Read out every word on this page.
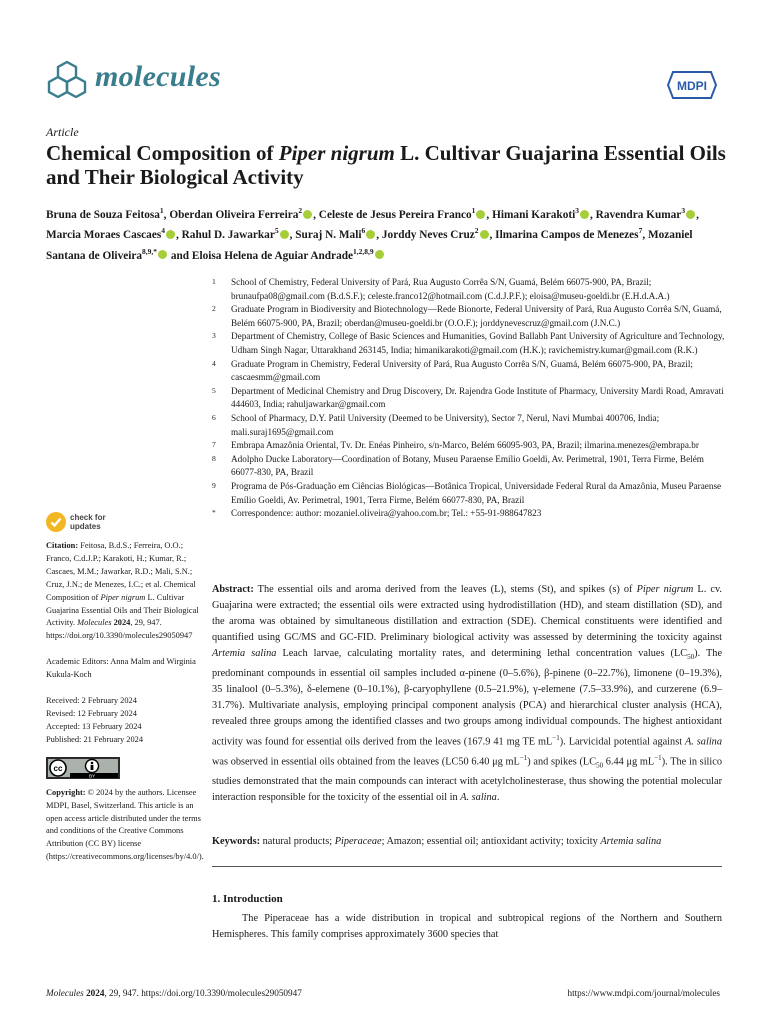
molecules	MDPI
Article
Chemical Composition of Piper nigrum L. Cultivar Guajarina Essential Oils and Their Biological Activity
Bruna de Souza Feitosa$^1$, Oberdan Oliveira Ferreira$^2$ , Celeste de Jesus Pereira Franco$^1$ , Himani Karakoti$^3$ , Ravendra Kumar$^3$ , Marcia Moraes Cascaes$^4$ , Rahul D. Jawarkar$^5$ , Suraj N. Mali$^6$ , Jorddy Neves Cruz$^2$ , Ilmarina Campos de Menezes$^7$, Mozaniel Santana de Oliveira$^{8,9,*}$ and Eloisa Helena de Aguiar Andrade$^{1,2,8,9}$
1	School of Chemistry, Federal University of Pará, Rua Augusto Corrêa S/N, Guamá, Belém 66075-900, PA, Brazil; brunaufpa08@gmail.com (B.d.S.F.); celeste.franco12@hotmail.com (C.d.J.P.F.); eloisa@museu-goeldi.br (E.H.d.A.A.)
2	Graduate Program in Biodiversity and Biotechnology—Rede Bionorte, Federal University of Pará, Rua Augusto Corrêa S/N, Guamá, Belém 66075-900, PA, Brazil; oberdan@museu-goeldi.br (O.O.F.); jorddynevescruz@gmail.com (J.N.C.)
3	Department of Chemistry, College of Basic Sciences and Humanities, Govind Ballabh Pant University of Agriculture and Technology, Udham Singh Nagar, Uttarakhand 263145, India; himanikarakoti@gmail.com (H.K.); ravichemistry.kumar@gmail.com (R.K.)
4	Graduate Program in Chemistry, Federal University of Pará, Rua Augusto Corrêa S/N, Guamá, Belém 66075-900, PA, Brazil; cascaesmm@gmail.com
5	Department of Medicinal Chemistry and Drug Discovery, Dr. Rajendra Gode Institute of Pharmacy, University Mardi Road, Amravati 444603, India; rahuljawarkar@gmail.com
6	School of Pharmacy, D.Y. Patil University (Deemed to be University), Sector 7, Nerul, Navi Mumbai 400706, India; mali.suraj1695@gmail.com
7	Embrapa Amazônia Oriental, Tv. Dr. Enéas Pinheiro, s/n-Marco, Belém 66095-903, PA, Brazil; ilmarina.menezes@embrapa.br
8	Adolpho Ducke Laboratory—Coordination of Botany, Museu Paraense Emílio Goeldi, Av. Perimetral, 1901, Terra Firme, Belém 66077-830, PA, Brazil
9	Programa de Pós-Graduação em Ciências Biológicas—Botânica Tropical, Universidade Federal Rural da Amazônia, Museu Paraense Emílio Goeldi, Av. Perimetral, 1901, Terra Firme, Belém 66077-830, PA, Brazil
*	Correspondence: author: mozaniel.oliveira@yahoo.com.br; Tel.: +55-91-988647823
check for
updates

Citation: Feitosa, B.d.S.; Ferreira, O.O.; Franco, C.d.J.P.; Karakoti, H.; Kumar, R.; Cascaes, M.M.; Jawarkar, R.D.; Mali, S.N.; Cruz, J.N.; de Menezes, I.C.; et al. Chemical Composition of Piper nigrum L. Cultivar Guajarina Essential Oils and Their Biological Activity. Molecules 2024, 29, 947. https://doi.org/10.3390/molecules29050947

Academic Editors: Anna Malm and Wirginia Kukula-Koch

Received: 2 February 2024
Revised: 12 February 2024
Accepted: 13 February 2024
Published: 21 February 2024

cc
BY

Copyright: © 2024 by the authors. Licensee MDPI, Basel, Switzerland. This article is an open access article distributed under the terms and conditions of the Creative Commons Attribution (CC BY) license (https://creativecommons.org/licenses/by/4.0/).

Abstract: The essential oils and aroma derived from the leaves (L), stems (St), and spikes (s) of Piper nigrum L. cv. Guajarina were extracted; the essential oils were extracted using hydrodistillation (HD), and steam distillation (SD), and the aroma was obtained by simultaneous distillation and extraction (SDE). Chemical constituents were identified and quantified using GC/MS and GC-FID. Preliminary biological activity was assessed by determining the toxicity against Artemia salina Leach larvae, calculating mortality rates, and determining lethal concentration values $(LC_{50})$. The predominant compounds in essential oil samples included α-pinene (0–5.6%), β-pinene (0–22.7%), limonene (0–19.3%), 35 linalool (0–5.3%), δ-elemene (0–10.1%), β-caryophyllene (0.5–21.9%), γ-elemene (7.5–33.9%), and curzerene (6.9–31.7%). Multivariate analysis, employing principal component analysis (PCA) and hierarchical cluster analysis (HCA), revealed three groups among the identified classes and two groups among individual compounds. The highest antioxidant activity was found for essential oils derived from the leaves (167.9 41 mg TE $mL^{-1}$). Larvicidal potential against A. salina was observed in essential oils obtained from the leaves (LC50 6.40 μg $mL^{-1}$) and spikes ($LC_{50}$ 6.44 μg $mL^{-1}$). The in silico studies demonstrated that the main compounds can interact with acetylcholinesterase, thus showing the potential molecular interaction responsible for the toxicity of the essential oil in A. salina.
Keywords: natural products; Piperaceae; Amazon; essential oil; antioxidant activity; toxicity Artemia salina
1. Introduction
The Piperaceae has a wide distribution in tropical and subtropical regions of the Northern and Southern Hemispheres. This family comprises approximately 3600 species that
Molecules 2024, 29, 947. https://doi.org/10.3390/molecules29050947	https://www.mdpi.com/journal/molecules
